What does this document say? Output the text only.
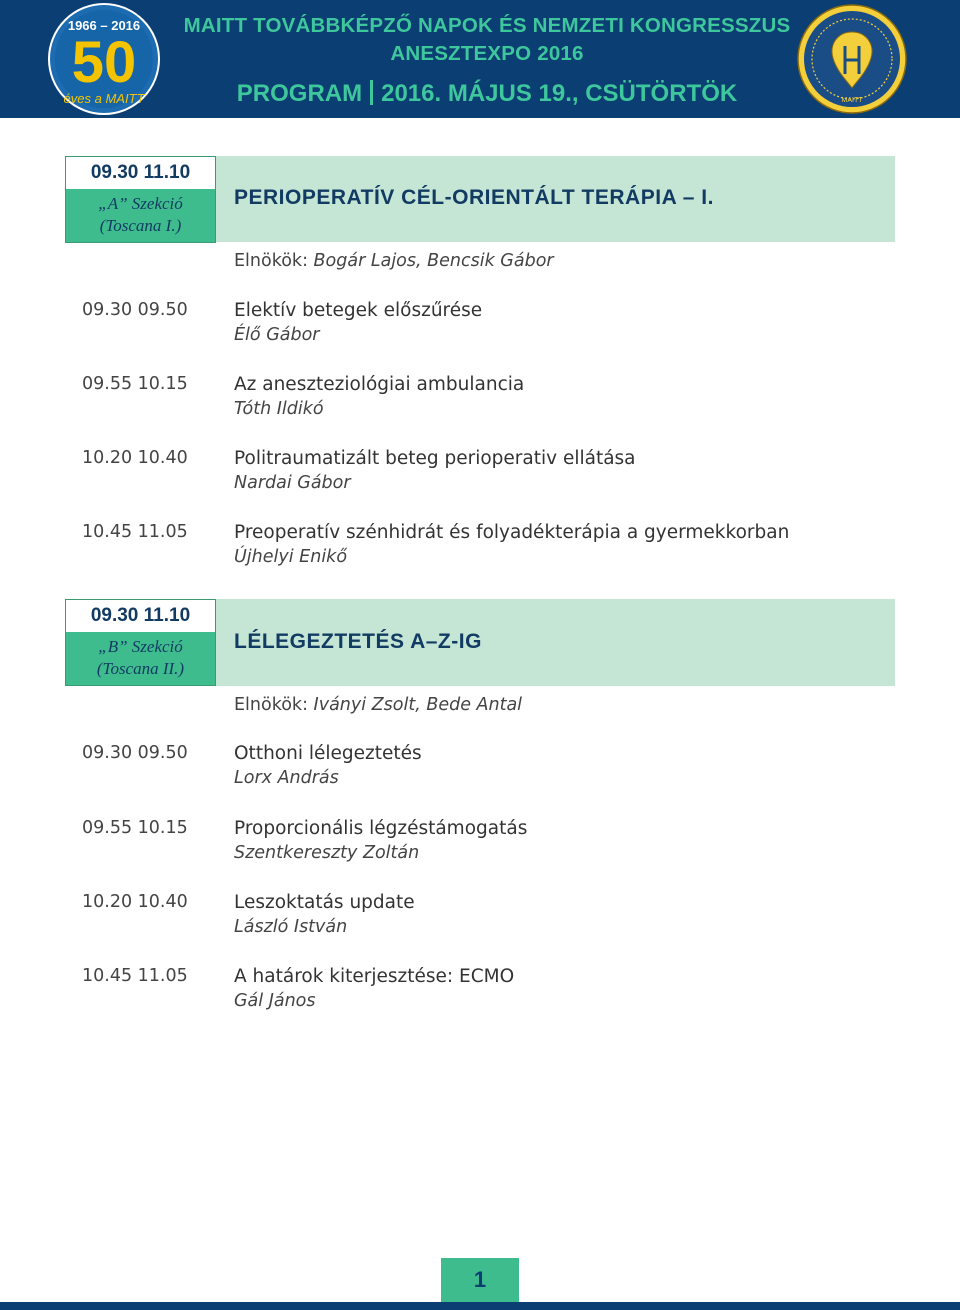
1966 – 2016
50
éves a MAITT
MAITT TOVÁBBKÉPZŐ NAPOK ÉS NEMZETI KONGRESSZUS
ANESZTEXPO 2016
PROGRAM 2016. MÁJUS 19., CSÜTÖRTÖK	MAITT
09.30 11.10
„A” Szekció
(Toscana I.)
PERIOPERATÍV CÉL-ORIENTÁLT TERÁPIA – I.
Elnökök: Bogár Lajos, Bencsik Gábor
09.30 09.50 Elektív betegek előszűrése
Élő Gábor
09.55 10.15 Az aneszteziológiai ambulancia
Tóth Ildikó
10.20 10.40 Politraumatizált beteg perioperativ ellátása
Nardai Gábor
10.45 11.05 Preoperatív szénhidrát és folyadékterápia a gyermekkorban
Újhelyi Enikő
09.30 11.10
„B” Szekció
(Toscana II.)
LÉLEGEZTETÉS A–Z-IG
Elnökök: Iványi Zsolt, Bede Antal
09.30 09.50 Otthoni lélegeztetés
Lorx András
09.55 10.15 Proporcionális légzéstámogatás
Szentkereszty Zoltán
10.20 10.40 Leszoktatás update
László István
10.45 11.05 A határok kiterjesztése: ECMO
Gál János
1
